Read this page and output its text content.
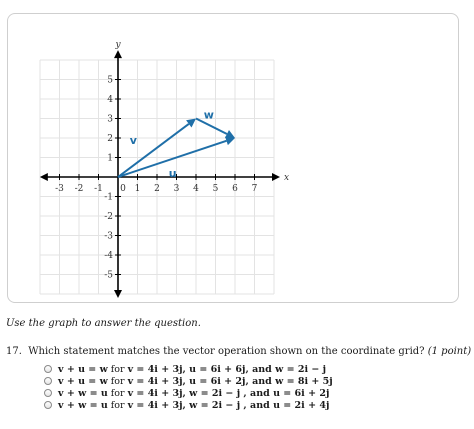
-3 -2 -1 0 1 2 3 4 5 6 7
5
4
3
2
1
-1
-2
-3
-4
-5
x
y
v
w
u
Use the graph to answer the question.
17. Which statement matches the vector operation shown on the coordinate grid? (1 point)
v + u = w for v = 4i + 3j, u = 6i + 6j, and w = 2i − j
v + u = w for v = 4i + 3j, u = 6i + 2j, and w = 8i + 5j
v + w = u for v = 4i + 3j, w = 2i − j , and u = 6i + 2j
v + w = u for v = 4i + 3j, w = 2i − j , and u = 2i + 4j
